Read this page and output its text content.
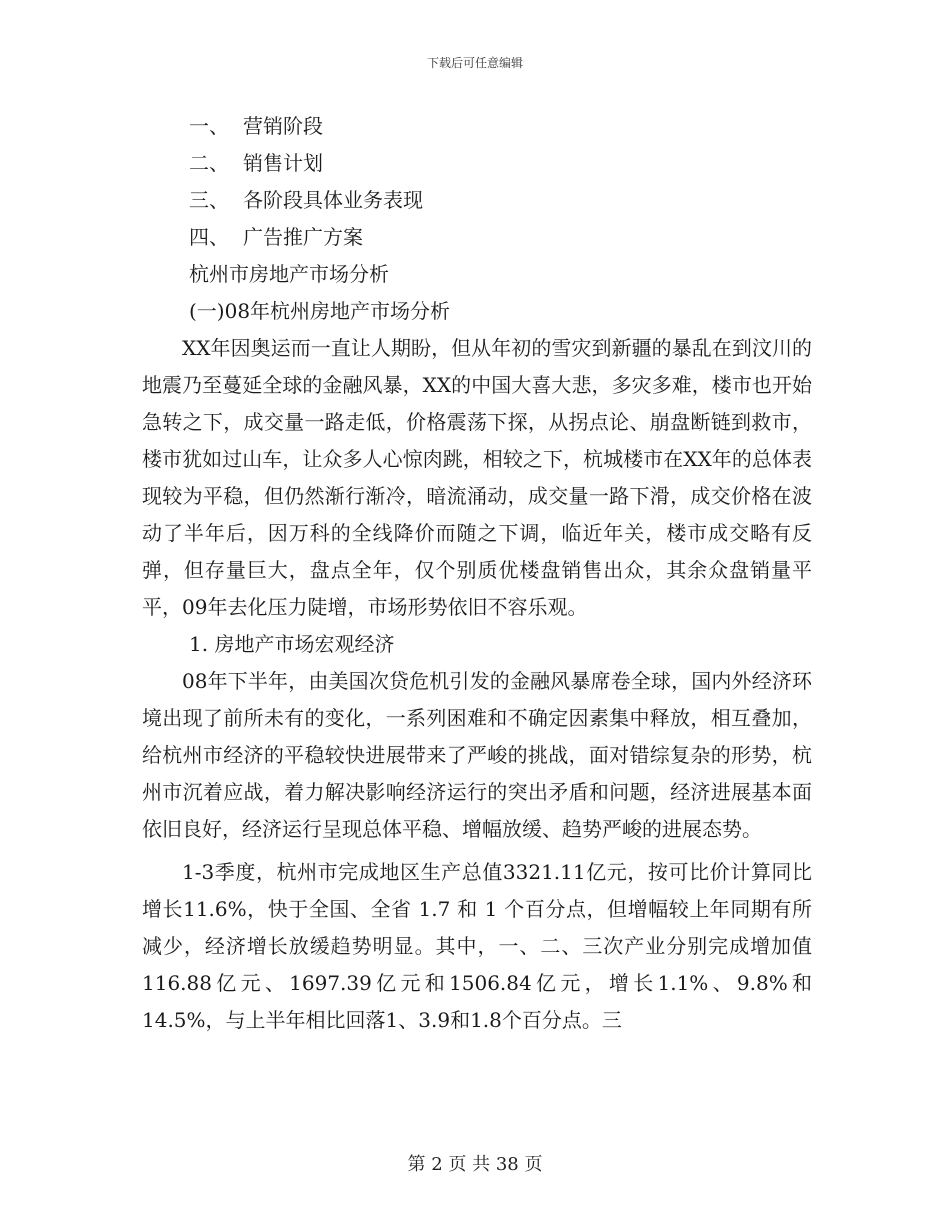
下载后可任意编辑
一、 营销阶段
二、 销售计划
三、 各阶段具体业务表现
四、 广告推广方案
杭州市房地产市场分析
(一)08年杭州房地产市场分析

XX年因奥运而一直让人期盼，但从年初的雪灾到新疆的暴乱在到汶川的地震乃至蔓延全球的金融风暴，XX的中国大喜大悲，多灾多难，楼市也开始急转之下，成交量一路走低，价格震荡下探，从拐点论、崩盘断链到救市，楼市犹如过山车，让众多人心惊肉跳，相较之下，杭城楼市在XX年的总体表现较为平稳，但仍然渐行渐冷，暗流涌动，成交量一路下滑，成交价格在波动了半年后，因万科的全线降价而随之下调，临近年关，楼市成交略有反弹，但存量巨大，盘点全年，仅个别质优楼盘销售出众，其余众盘销量平平，09年去化压力陡增，市场形势依旧不容乐观。

1. 房地产市场宏观经济

08年下半年，由美国次贷危机引发的金融风暴席卷全球，国内外经济环境出现了前所未有的变化，一系列困难和不确定因素集中释放，相互叠加，给杭州市经济的平稳较快进展带来了严峻的挑战，面对错综复杂的形势，杭州市沉着应战，着力解决影响经济运行的突出矛盾和问题，经济进展基本面依旧良好，经济运行呈现总体平稳、增幅放缓、趋势严峻的进展态势。

1-3季度，杭州市完成地区生产总值3321.11亿元，按可比价计算同比增长11.6%，快于全国、全省 1.7 和 1 个百分点，但增幅较上年同期有所减少，经济增长放缓趋势明显。其中，一、二、三次产业分别完成增加值116.88亿元、1697.39亿元和1506.84亿元，增长1.1%、9.8%和14.5%，与上半年相比回落1、3.9和1.8个百分点。三

第 2 页 共 38 页
